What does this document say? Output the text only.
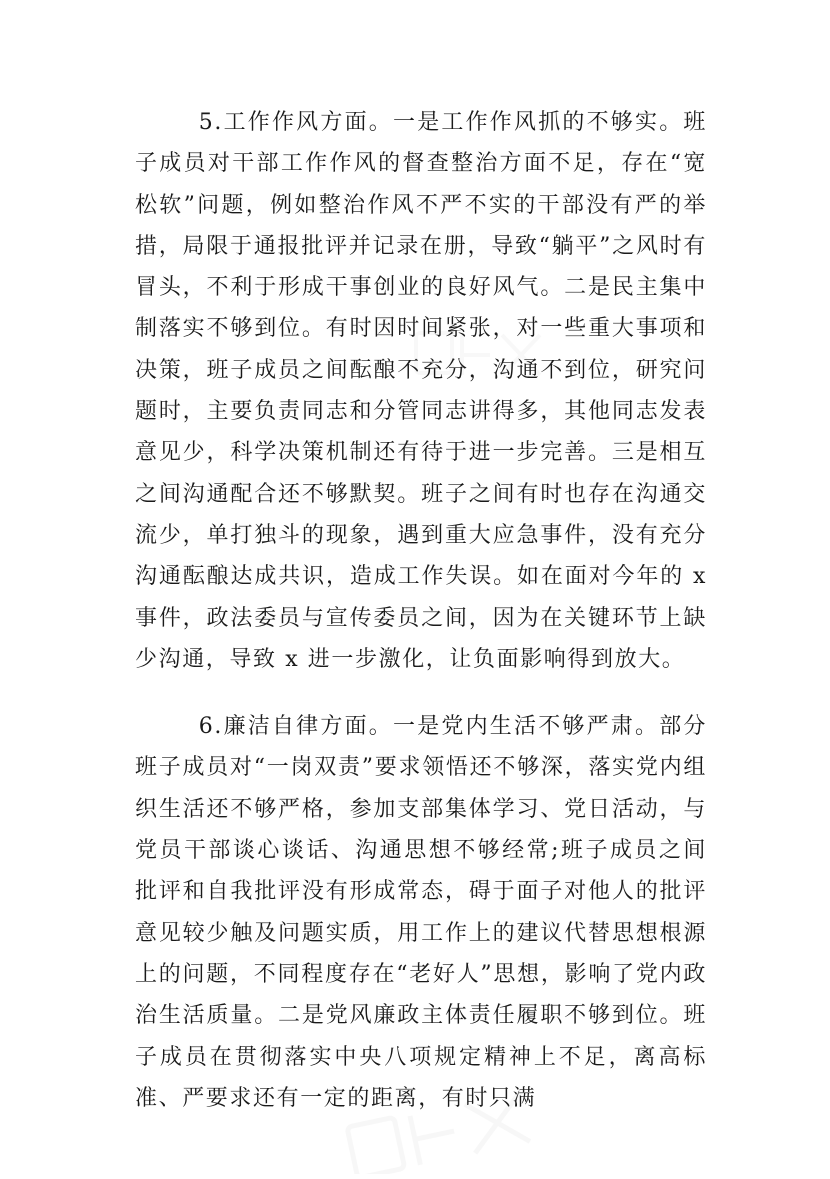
5.工作作风方面。一是工作作风抓的不够实。班子成员对干部工作作风的督查整治方面不足，存在“宽松软”问题，例如整治作风不严不实的干部没有严的举措，局限于通报批评并记录在册，导致“躺平”之风时有冒头，不利于形成干事创业的良好风气。二是民主集中制落实不够到位。有时因时间紧张，对一些重大事项和决策，班子成员之间酝酿不充分，沟通不到位，研究问题时，主要负责同志和分管同志讲得多，其他同志发表意见少，科学决策机制还有待于进一步完善。三是相互之间沟通配合还不够默契。班子之间有时也存在沟通交流少，单打独斗的现象，遇到重大应急事件，没有充分沟通酝酿达成共识，造成工作失误。如在面对今年的 x 事件，政法委员与宣传委员之间，因为在关键环节上缺少沟通，导致 x 进一步激化，让负面影响得到放大。

6.廉洁自律方面。一是党内生活不够严肃。部分班子成员对“一岗双责”要求领悟还不够深，落实党内组织生活还不够严格，参加支部集体学习、党日活动，与党员干部谈心谈话、沟通思想不够经常;班子成员之间批评和自我批评没有形成常态，碍于面子对他人的批评意见较少触及问题实质，用工作上的建议代替思想根源上的问题，不同程度存在“老好人”思想，影响了党内政治生活质量。二是党风廉政主体责任履职不够到位。班子成员在贯彻落实中央八项规定精神上不足，离高标准、严要求还有一定的距离，有时只满
